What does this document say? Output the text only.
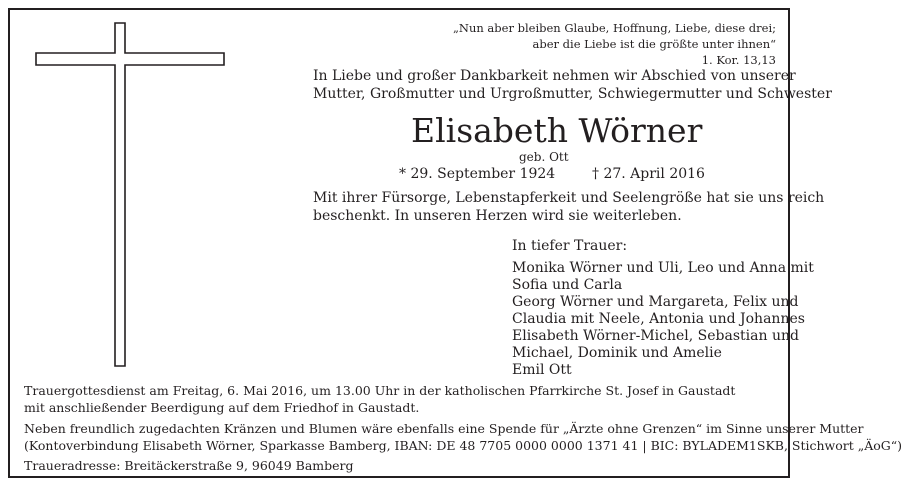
„Nun aber bleiben Glaube, Hoffnung, Liebe, diese drei;
aber die Liebe ist die größte unter ihnen“
1. Kor. 13,13
In Liebe und großer Dankbarkeit nehmen wir Abschied von unserer
Mutter, Großmutter und Urgroßmutter, Schwiegermutter und Schwester
Elisabeth Wörner
geb. Ott
* 29. September 1924	† 27. April 2016
Mit ihrer Fürsorge, Lebenstapferkeit und Seelengröße hat sie uns reich
beschenkt. In unseren Herzen wird sie weiterleben.
In tiefer Trauer:
Monika Wörner und Uli, Leo und Anna mit
Sofia und Carla
Georg Wörner und Margareta, Felix und
Claudia mit Neele, Antonia und Johannes
Elisabeth Wörner-Michel, Sebastian und
Michael, Dominik und Amelie
Emil Ott
Trauergottesdienst am Freitag, 6. Mai 2016, um 13.00 Uhr in der katholischen Pfarrkirche St. Josef in Gaustadt
mit anschließender Beerdigung auf dem Friedhof in Gaustadt.
Neben freundlich zugedachten Kränzen und Blumen wäre ebenfalls eine Spende für „Ärzte ohne Grenzen“ im Sinne unserer Mutter
(Kontoverbindung Elisabeth Wörner, Sparkasse Bamberg, IBAN: DE 48 7705 0000 0000 1371 41 | BIC: BYLADEM1SKB, Stichwort „ÄoG“)
Traueradresse: Breitäckerstraße 9, 96049 Bamberg
